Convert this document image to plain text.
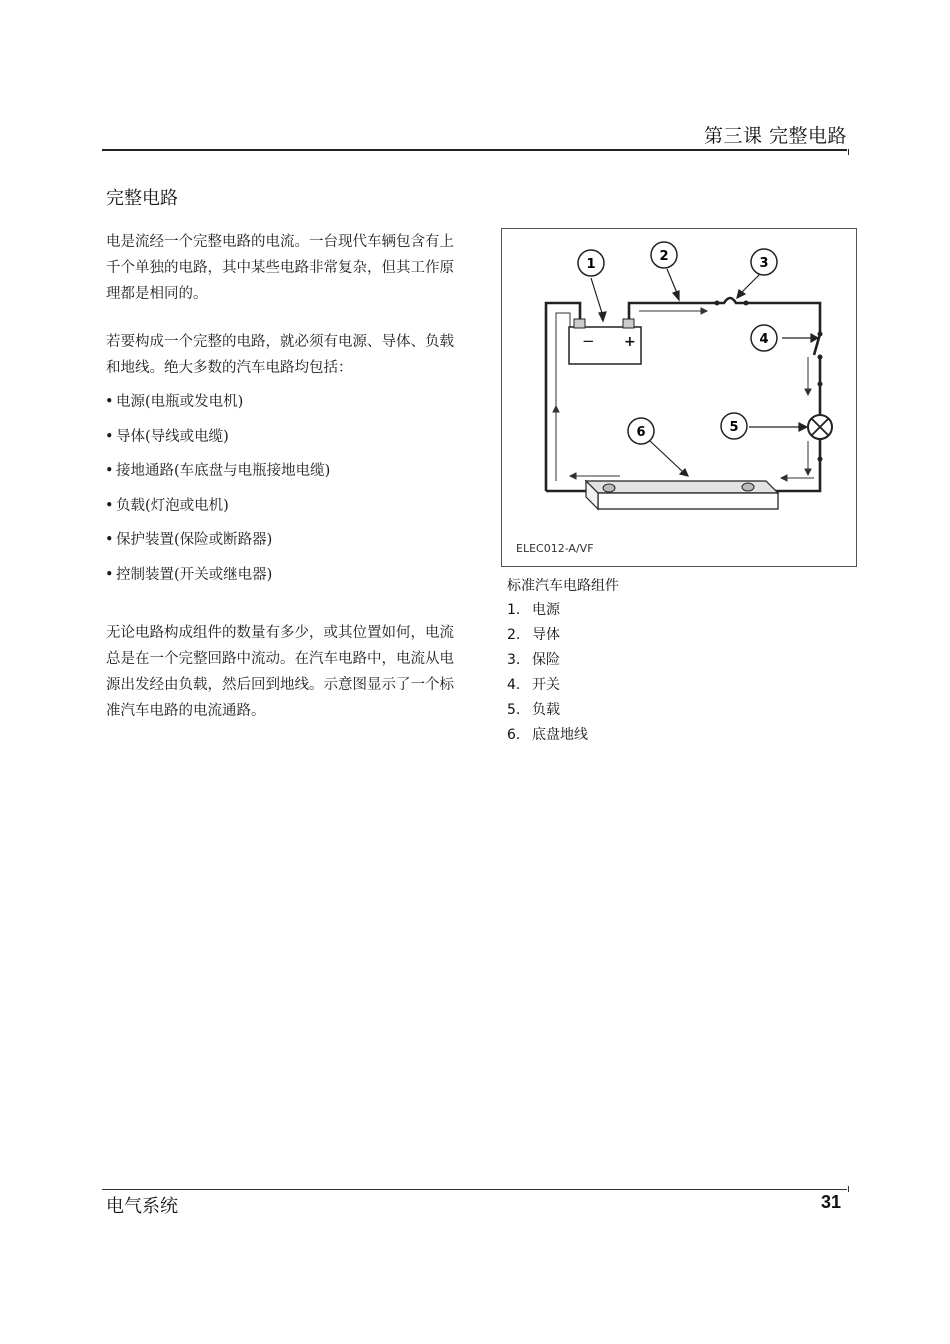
第三课 完整电路
完整电路
电是流经一个完整电路的电流。一台现代车辆包含有上千个单独的电路，其中某些电路非常复杂，但其工作原理都是相同的。
若要构成一个完整的电路，就必须有电源、导体、负载和地线。绝大多数的汽车电路均包括：
• 电源(电瓶或发电机)
• 导体(导线或电缆)
• 接地通路(车底盘与电瓶接地电缆)
• 负载(灯泡或电机)
• 保护装置(保险或断路器)
• 控制装置(开关或继电器)
无论电路构成组件的数量有多少，或其位置如何，电流总是在一个完整回路中流动。在汽车电路中，电流从电源出发经由负载，然后回到地线。示意图显示了一个标准汽车电路的电流通路。
− +
1
2	3
4
5
6
ELEC012-A/VF
标准汽车电路组件
1. 电源
2. 导体
3. 保险
4. 开关
5. 负载
6. 底盘地线
电气系统	31
